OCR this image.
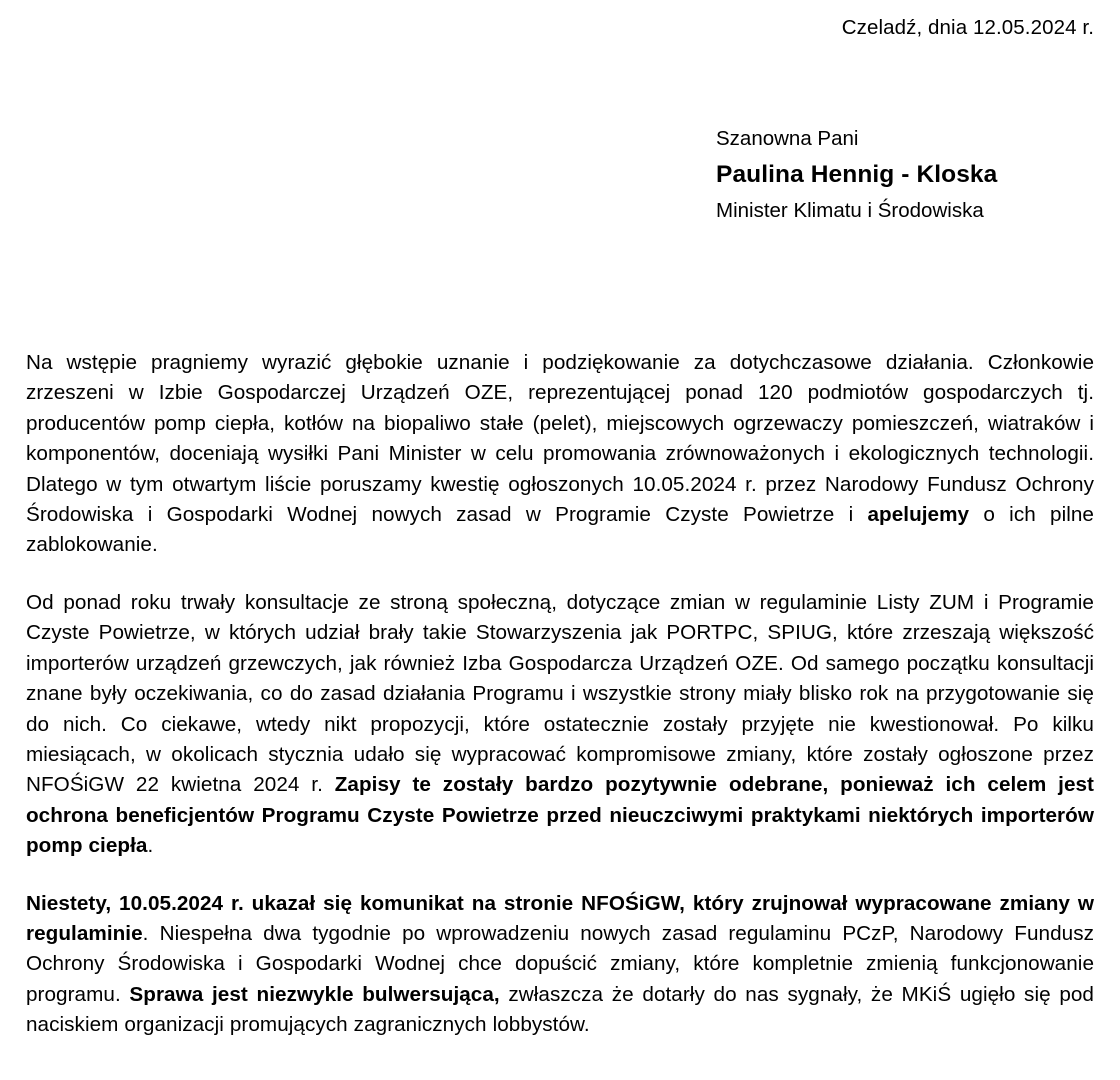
Czeladź, dnia 12.05.2024 r.
Szanowna Pani
Paulina Hennig - Kloska
Minister Klimatu i Środowiska

Na wstępie pragniemy wyrazić głębokie uznanie i podziękowanie za dotychczasowe działania. Członkowie zrzeszeni w Izbie Gospodarczej Urządzeń OZE, reprezentującej ponad 120 podmiotów gospodarczych tj. producentów pomp ciepła, kotłów na biopaliwo stałe (pelet), miejscowych ogrzewaczy pomieszczeń, wiatraków i komponentów, doceniają wysiłki Pani Minister w celu promowania zrównoważonych i ekologicznych technologii. Dlatego w tym otwartym liście poruszamy kwestię ogłoszonych 10.05.2024 r. przez Narodowy Fundusz Ochrony Środowiska i Gospodarki Wodnej nowych zasad w Programie Czyste Powietrze i apelujemy o ich pilne zablokowanie.

Od ponad roku trwały konsultacje ze stroną społeczną, dotyczące zmian w regulaminie Listy ZUM i Programie Czyste Powietrze, w których udział brały takie Stowarzyszenia jak PORTPC, SPIUG, które zrzeszają większość importerów urządzeń grzewczych, jak również Izba Gospodarcza Urządzeń OZE. Od samego początku konsultacji znane były oczekiwania, co do zasad działania Programu i wszystkie strony miały blisko rok na przygotowanie się do nich. Co ciekawe, wtedy nikt propozycji, które ostatecznie zostały przyjęte nie kwestionował. Po kilku miesiącach, w okolicach stycznia udało się wypracować kompromisowe zmiany, które zostały ogłoszone przez NFOŚiGW 22 kwietna 2024 r. Zapisy te zostały bardzo pozytywnie odebrane, ponieważ ich celem jest ochrona beneficjentów Programu Czyste Powietrze przed nieuczciwymi praktykami niektórych importerów pomp ciepła.

Niestety, 10.05.2024 r. ukazał się komunikat na stronie NFOŚiGW, który zrujnował wypracowane zmiany w regulaminie. Niespełna dwa tygodnie po wprowadzeniu nowych zasad regulaminu PCzP, Narodowy Fundusz Ochrony Środowiska i Gospodarki Wodnej chce dopuścić zmiany, które kompletnie zmienią funkcjonowanie programu. Sprawa jest niezwykle bulwersująca, zwłaszcza że dotarły do nas sygnały, że MKiŚ ugięło się pod naciskiem organizacji promujących zagranicznych lobbystów.
